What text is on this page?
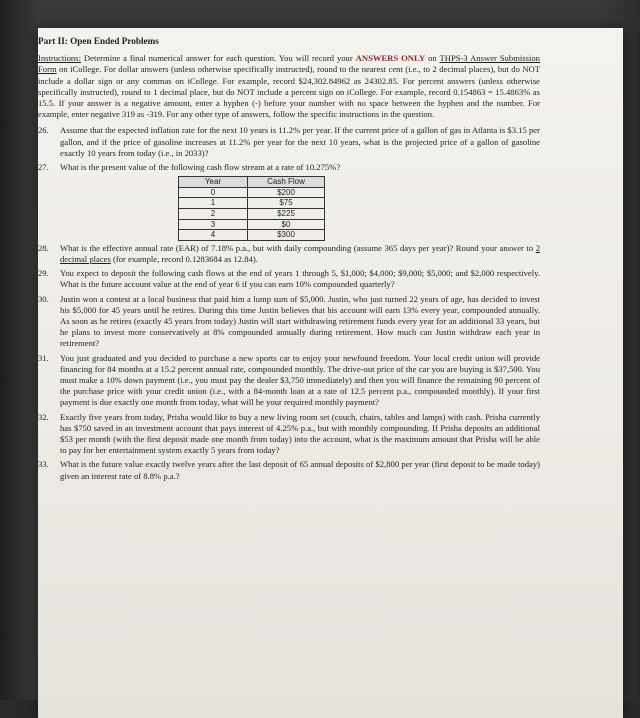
Part II: Open Ended Problems
Instructions: Determine a final numerical answer for each question. You will record your ANSWERS ONLY on THPS-3 Answer Submission Form on iCollege. For dollar answers (unless otherwise specifically instructed), round to the nearest cent (i.e., to 2 decimal places), but do NOT include a dollar sign or any commas on iCollege. For example, record $24,302.84962 as 24302.85. For percent answers (unless otherwise specifically instructed), round to 1 decimal place, but do NOT include a percent sign on iCollege. For example, record 0.154863 = 15.4863% as 15.5. If your answer is a negative amount, enter a hyphen (-) before your number with no space between the hyphen and the number. For example, enter negative 319 as -319. For any other type of answers, follow the specific instructions in the question.
26.	Assume that the expected inflation rate for the next 10 years is 11.2% per year. If the current price of a gallon of gas in Atlanta is $3.15 per gallon, and if the price of gasoline increases at 11.2% per year for the next 10 years, what is the projected price of a gallon of gasoline exactly 10 years from today (i.e., in 2033)?
27.	What is the present value of the following cash flow stream at a rate of 10.275%?
Year	Cash Flow
0	$200
1	$75
2	$225
3	$0
4	$300
28.	What is the effective annual rate (EAR) of 7.18% p.a., but with daily compounding (assume 365 days per year)? Round your answer to 2 decimal places (for example, record 0.1283684 as 12.84).
29.	You expect to deposit the following cash flows at the end of years 1 through 5, $1,000; $4,000; $9,000; $5,000; and $2,000 respectively. What is the future account value at the end of year 6 if you can earn 10% compounded quarterly?
30.	Justin won a contest at a local business that paid him a lump sum of $5,000. Justin, who just turned 22 years of age, has decided to invest his $5,000 for 45 years until he retires. During this time Justin believes that his account will earn 13% every year, compounded annually. As soon as he retires (exactly 45 years from today) Justin will start withdrawing retirement funds every year for an additional 33 years, but he plans to invest more conservatively at 8% compounded annually during retirement. How much can Justin withdraw each year in retirement?
31.	You just graduated and you decided to purchase a new sports car to enjoy your newfound freedom. Your local credit union will provide financing for 84 months at a 15.2 percent annual rate, compounded monthly. The drive-out price of the car you are buying is $37,500. You must make a 10% down payment (i.e., you must pay the dealer $3,750 immediately) and then you will finance the remaining 90 percent of the purchase price with your credit union (i.e., with a 84-month loan at a rate of 12.5 percent p.a., compounded monthly). If your first payment is due exactly one month from today, what will be your required monthly payment?
32.	Exactly five years from today, Prisha would like to buy a new living room set (couch, chairs, tables and lamps) with cash. Prisha currently has $750 saved in an investment account that pays interest of 4.25% p.a., but with monthly compounding. If Prisha deposits an additional $53 per month (with the first deposit made one month from today) into the account, what is the maximum amount that Prisha will be able to pay for her entertainment system exactly 5 years from today?
33.	What is the future value exactly twelve years after the last deposit of 65 annual deposits of $2,800 per year (first deposit to be made today) given an interest rate of 8.8% p.a.?
